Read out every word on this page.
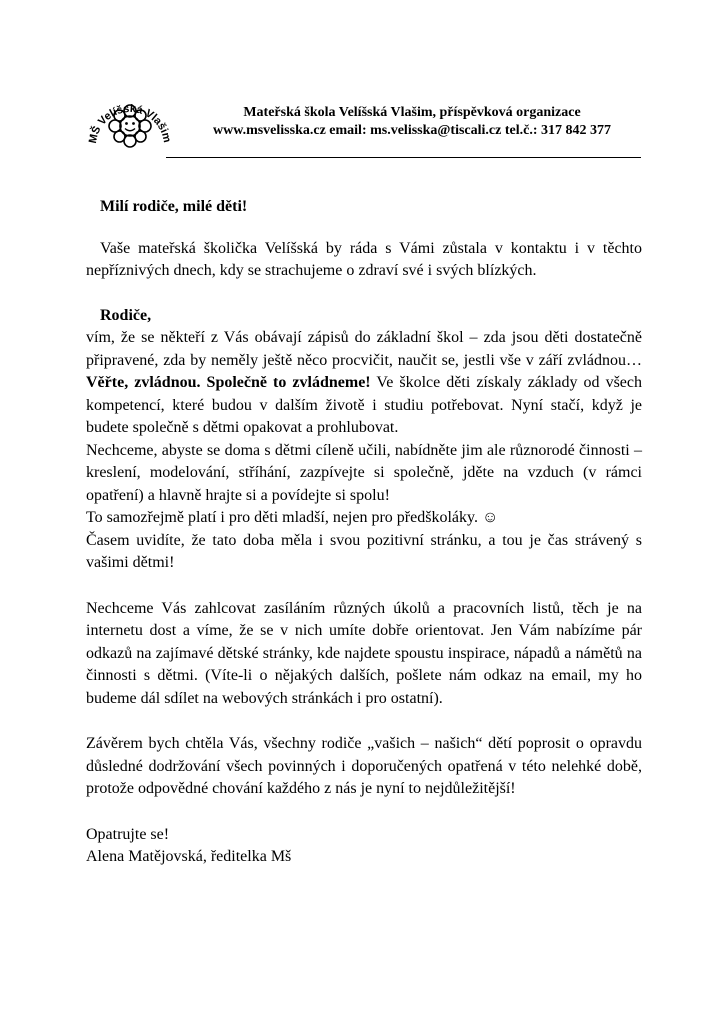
MŠ Velíšská Vlašim
Mateřská škola Velíšská Vlašim, příspěvková organizace
www.msvelisska.cz email: ms.velisska@tiscali.cz tel.č.: 317 842 377

Milí rodiče, milé děti!

Vaše mateřská školička Velíšská by ráda s Vámi zůstala v kontaktu i v těchto nepříznivých dnech, kdy se strachujeme o zdraví své i svých blízkých.

Rodiče,

vím, že se někteří z Vás obávají zápisů do základní škol – zda jsou děti dostatečně připravené, zda by neměly ještě něco procvičit, naučit se, jestli vše v září zvládnou… Věřte, zvládnou. Společně to zvládneme! Ve školce děti získaly základy od všech kompetencí, které budou v dalším životě i studiu potřebovat. Nyní stačí, když je budete společně s dětmi opakovat a prohlubovat.

Nechceme, abyste se doma s dětmi cíleně učili, nabídněte jim ale různorodé činnosti – kreslení, modelování, stříhání, zazpívejte si společně, jděte na vzduch (v rámci opatření) a hlavně hrajte si a povídejte si spolu!

To samozřejmě platí i pro děti mladší, nejen pro předškoláky. ☺

Časem uvidíte, že tato doba měla i svou pozitivní stránku, a tou je čas strávený s vašimi dětmi!

Nechceme Vás zahlcovat zasíláním různých úkolů a pracovních listů, těch je na internetu dost a víme, že se v nich umíte dobře orientovat. Jen Vám nabízíme pár odkazů na zajímavé dětské stránky, kde najdete spoustu inspirace, nápadů a námětů na činnosti s dětmi. (Víte-li o nějakých dalších, pošlete nám odkaz na email, my ho budeme dál sdílet na webových stránkách i pro ostatní).

Závěrem bych chtěla Vás, všechny rodiče „vašich – našich“ dětí poprosit o opravdu důsledné dodržování všech povinných i doporučených opatřená v této nelehké době, protože odpovědné chování každého z nás je nyní to nejdůležitější!

Opatrujte se!

Alena Matějovská, ředitelka Mš
